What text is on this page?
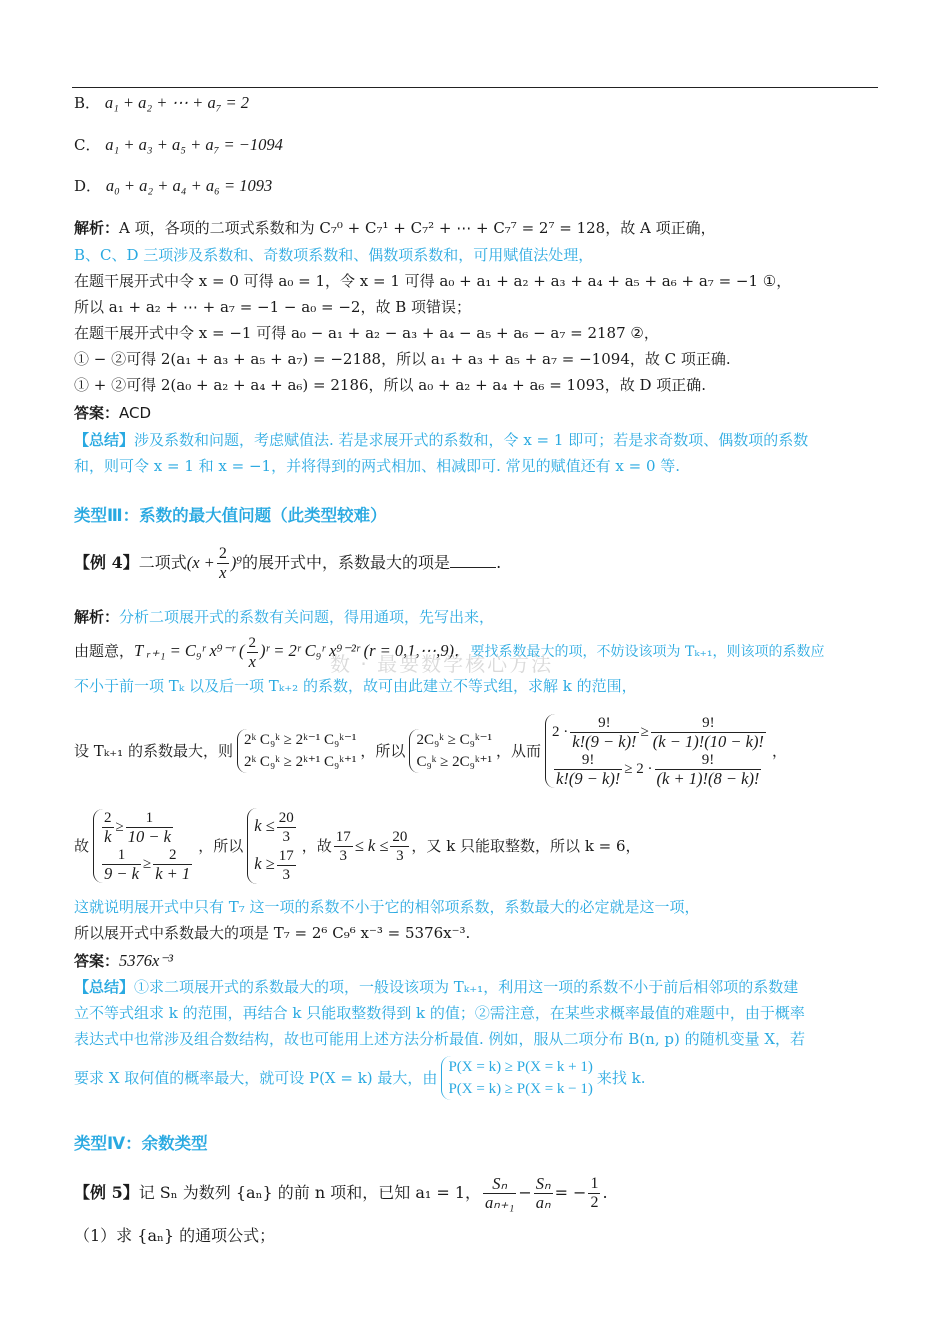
B． a₁ + a₂ + ⋯ + a₇ = 2
C． a₁ + a₃ + a₅ + a₇ = −1094
D． a₀ + a₂ + a₄ + a₆ = 1093
解析：A 项，各项的二项式系数和为 C₇⁰ + C₇¹ + C₇² + ⋯ + C₇⁷ = 2⁷ = 128，故 A 项正确，
B、C、D 三项涉及系数和、奇数项系数和、偶数项系数和，可用赋值法处理，
在题干展开式中令 x = 0 可得 a₀ = 1，令 x = 1 可得 a₀ + a₁ + a₂ + a₃ + a₄ + a₅ + a₆ + a₇ = −1 ①，
所以 a₁ + a₂ + ⋯ + a₇ = −1 − a₀ = −2，故 B 项错误；
在题干展开式中令 x = −1 可得 a₀ − a₁ + a₂ − a₃ + a₄ − a₅ + a₆ − a₇ = 2187 ②，
① − ②可得 2(a₁ + a₃ + a₅ + a₇) = −2188，所以 a₁ + a₃ + a₅ + a₇ = −1094，故 C 项正确.
① + ②可得 2(a₀ + a₂ + a₄ + a₆) = 2186，所以 a₀ + a₂ + a₄ + a₆ = 1093，故 D 项正确.
答案：ACD
【总结】涉及系数和问题，考虑赋值法. 若是求展开式的系数和，令 x = 1 即可；若是求奇数项、偶数项的系数
和，则可令 x = 1 和 x = −1，并将得到的两式相加、相减即可. 常见的赋值还有 x = 0 等.
类型Ⅲ：系数的最大值问题（此类型较难）
【例 4】二项式$(x + \frac{2}{x} )^9$的展开式中，系数最大的项是	.
解析：分析二项展开式的系数有关问题，得用通项，先写出来，
由题意，T ᵣ₊₁ = C₉ʳ x⁹⁻ʳ ( $\frac{2}{x}$ )ʳ = 2ʳ C₉ʳ x⁹⁻²ʳ (r = 0,1,⋯,9)，要找系数最大的项，不妨设该项为 Tₖ₊₁，则该项的系数应
不小于前一项 Tₖ 以及后一项 Tₖ₊₂ 的系数，故可由此建立不等式组，求解 k 的范围，
数 · 最要数学核心方法
设 Tₖ₊₁ 的系数最大，则
2ᵏ C₉ᵏ ≥ 2ᵏ⁻¹ C₉ᵏ⁻¹
2ᵏ C₉ᵏ ≥ 2ᵏ⁺¹ C₉ᵏ⁺¹
，所以
2C₉ᵏ ≥ C₉ᵏ⁻¹
C₉ᵏ ≥ 2C₉ᵏ⁺¹
，从而
$2 \cdot \frac{9!}{k!(9 - k)!} \ge \frac{9!}{(k - 1)!(10 - k)!}$
$\frac{9!}{k!(9 - k)!} \ge 2 \cdot \frac{9!}{(k + 1)!(8 - k)!}$
，
故 $\frac{2}{k} \ge \frac{1}{10 - k}$
$\frac{1}{9 - k} \ge \frac{2}{k + 1}$
，所以
$k \le \frac{20}{3}$
$k \ge \frac{17}{3}$
，故 $\frac{17}{3} \le k \le \frac{20}{3}$ ，又 k 只能取整数，所以 k = 6，
这就说明展开式中只有 T₇ 这一项的系数不小于它的相邻项系数，系数最大的必定就是这一项，
所以展开式中系数最大的项是 T₇ = 2⁶ C₉⁶ x⁻³ = 5376x⁻³.
答案：5376x⁻³
【总结】①求二项展开式的系数最大的项，一般设该项为 Tₖ₊₁，利用这一项的系数不小于前后相邻项的系数建
立不等式组求 k 的范围，再结合 k 只能取整数得到 k 的值；②需注意，在某些求概率最值的难题中，由于概率
表达式中也常涉及组合数结构，故也可能用上述方法分析最值. 例如，服从二项分布 B(n, p) 的随机变量 X，若
要求 X 取何值的概率最大，就可设 P(X = k) 最大，由
P(X = k) ≥ P(X = k + 1)
P(X = k) ≥ P(X = k − 1)
来找 k.
类型Ⅳ：余数类型
【例 5】 记 Sₙ 为数列 {aₙ} 的前 n 项和，已知 a₁ = 1， $\frac{\text{Sₙ}}{\text{aₙ₊₁}} - \frac{\text{Sₙ}}{\text{aₙ}}$ = − $\frac{1}{2}$ .
（1）求 {aₙ} 的通项公式；
